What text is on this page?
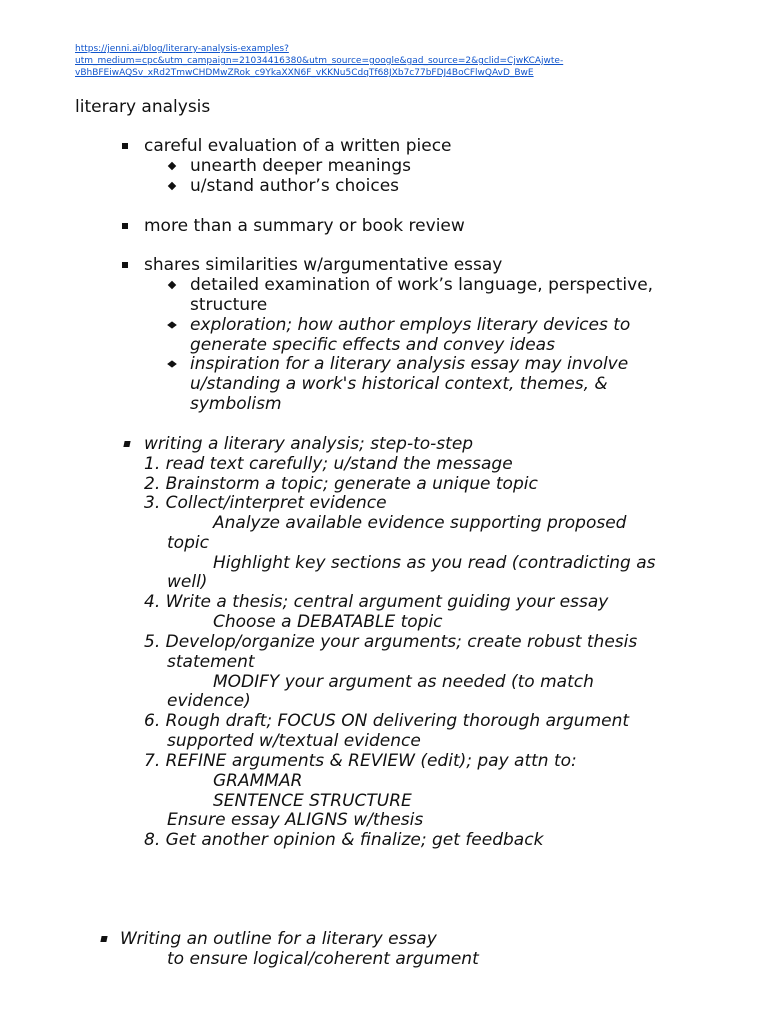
https://jenni.ai/blog/literary-analysis-examples?
utm_medium=cpc&utm_campaign=21034416380&utm_source=google&gad_source=2&gclid=CjwKCAjwte-
vBhBFEiwAQSv_xRd2TmwCHDMwZRok_c9YkaXXN6F_vKKNu5CdqTf68JXb7c77bFDJ4BoCFlwQAvD_BwE
literary analysis
careful evaluation of a written piece
unearth deeper meanings
u/stand author’s choices
more than a summary or book review
shares similarities w/argumentative essay
detailed examination of work’s language, perspective,
structure
exploration; how author employs literary devices to
generate specific effects and convey ideas
inspiration for a literary analysis essay may involve
u/standing a work's historical context, themes, &
symbolism
writing a literary analysis; step-to-step
1. read text carefully; u/stand the message
2. Brainstorm a topic; generate a unique topic
3. Collect/interpret evidence
Analyze available evidence supporting proposed
topic
Highlight key sections as you read (contradicting as
well)
4. Write a thesis; central argument guiding your essay
Choose a DEBATABLE topic
5. Develop/organize your arguments; create robust thesis
statement
MODIFY your argument as needed (to match
evidence)
6. Rough draft; FOCUS ON delivering thorough argument
supported w/textual evidence
7. REFINE arguments & REVIEW (edit); pay attn to:
GRAMMAR
SENTENCE STRUCTURE
Ensure essay ALIGNS w/thesis
8. Get another opinion & finalize; get feedback
Writing an outline for a literary essay
to ensure logical/coherent argument
